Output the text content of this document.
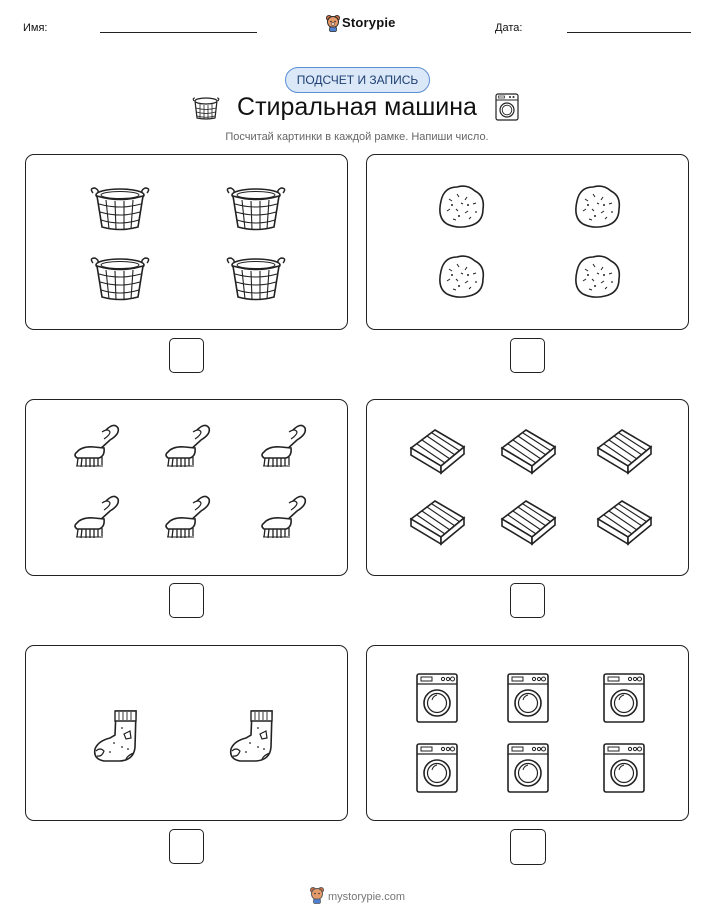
Имя:	Storypie	Дата:
ПОДСЧЕТ И ЗАПИСЬ
Стиральная машина
Посчитай картинки в каждой рамке. Напиши число.
mystorypie.com
